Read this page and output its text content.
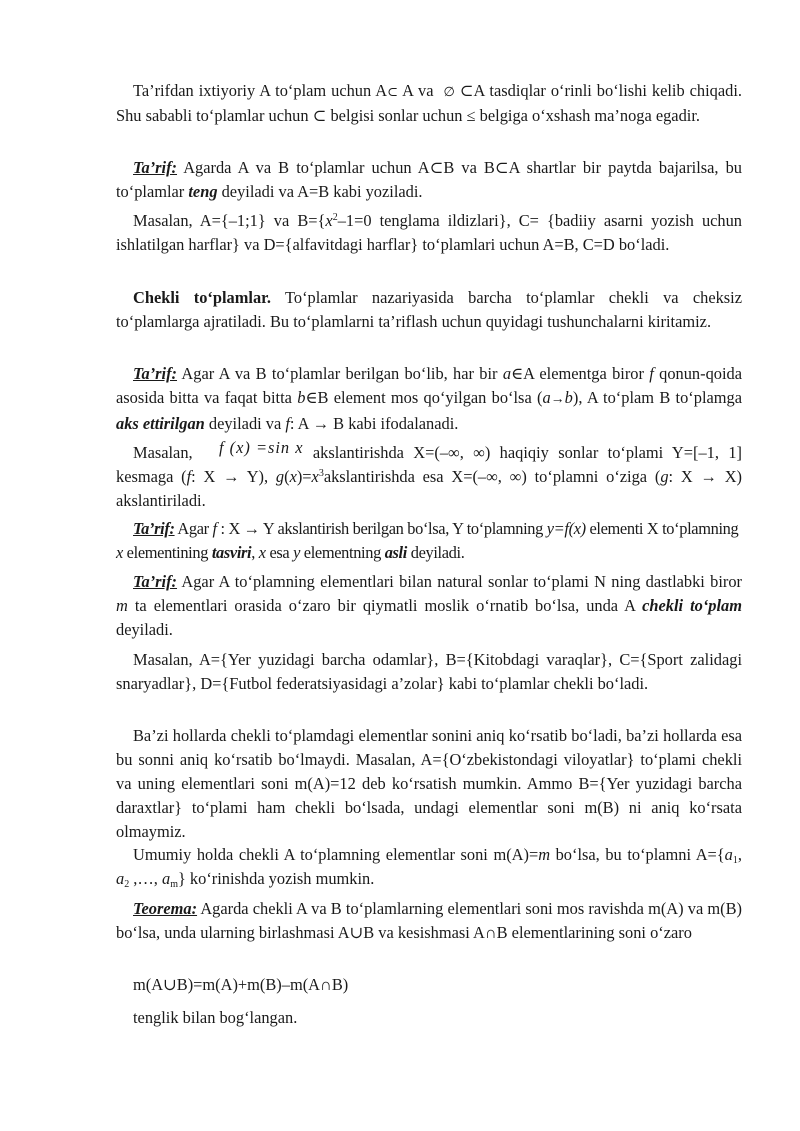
Ta’rifdan ixtiyoriy A to‘plam uchun A⊂ A va ∅ ⊂A tasdiqlar o‘rinli bo‘lishi kelib chiqadi. Shu sababli to‘plamlar uchun ⊂ belgisi sonlar uchun ≤ belgiga o‘xshash ma’noga egadir.

Ta’rif: Agarda A va B to‘plamlar uchun A⊂B va B⊂A shartlar bir paytda bajarilsa, bu to‘plamlar teng deyiladi va A=B kabi yoziladi.

Masalan, A={–1;1} va $B=\{x^2-1=0$ tenglama ildizlari}, C= {badiiy asarni yozish uchun ishlatilgan harflar} va D={alfavitdagi harflar} to‘plamlari uchun A=B, C=D bo‘ladi.

Chekli to‘plamlar. To‘plamlar nazariyasida barcha to‘plamlar chekli va cheksiz to‘plamlarga ajratiladi. Bu to‘plamlarni ta’riflash uchun quyidagi tushunchalarni kiritamiz.

Ta’rif: Agar A va B to‘plamlar berilgan bo‘lib, har bir a∈A elementga biror f qonun-qoida asosida bitta va faqat bitta b∈B element mos qo‘yilgan bo‘lsa (a→b), A to‘plam B to‘plamga aks ettirilgan deyiladi va f: A → B kabi ifodalanadi.

Masalan, f (x) =sin x akslantirishda X=(–∞, ∞) haqiqiy sonlar to‘plami Y=[–1, 1] kesmaga (f: X → Y), $g(x)=x^3akslantirishda$ esa X=(–∞, ∞) to‘plamni o‘ziga (g: X → X) akslantiriladi.

Ta’rif: Agar f : X → Y akslantirish berilgan bo‘lsa, Y to‘plamning y=f(x) elementi X to‘plamning x elementining tasviri, x esa y elementning asli deyiladi.

Ta’rif: Agar A to‘plamning elementlari bilan natural sonlar to‘plami N ning dastlabki biror m ta elementlari orasida o‘zaro bir qiymatli moslik o‘rnatib bo‘lsa, unda A chekli to‘plam deyiladi.

Masalan, A={Yer yuzidagi barcha odamlar}, B={Kitobdagi varaqlar}, C={Sport zalidagi snaryadlar}, D={Futbol federatsiyasidagi a’zolar} kabi to‘plamlar chekli bo‘ladi.

Ba’zi hollarda chekli to‘plamdagi elementlar sonini aniq ko‘rsatib bo‘ladi, ba’zi hollarda esa bu sonni aniq ko‘rsatib bo‘lmaydi. Masalan, A={O‘zbekistondagi viloyatlar} to‘plami chekli va uning elementlari soni m(A)=12 deb ko‘rsatish mumkin. Ammo B={Yer yuzidagi barcha daraxtlar} to‘plami ham chekli bo‘lsada, undagi elementlar soni m(B) ni aniq ko‘rsata olmaymiz.

Umumiy holda chekli A to‘plamning elementlar soni m(A)=m bo‘lsa, bu to‘plamni $A=\{a_1$, $a_2$ ,…, $a_m$} ko‘rinishda yozish mumkin.

Teorema: Agarda chekli A va B to‘plamlarning elementlari soni mos ravishda m(A) va m(B) bo‘lsa, unda ularning birlashmasi A∪B va kesishmasi A∩B elementlarining soni o‘zaro

m(A∪B)=m(A)+m(B)–m(A∩B)

tenglik bilan bog‘langan.
